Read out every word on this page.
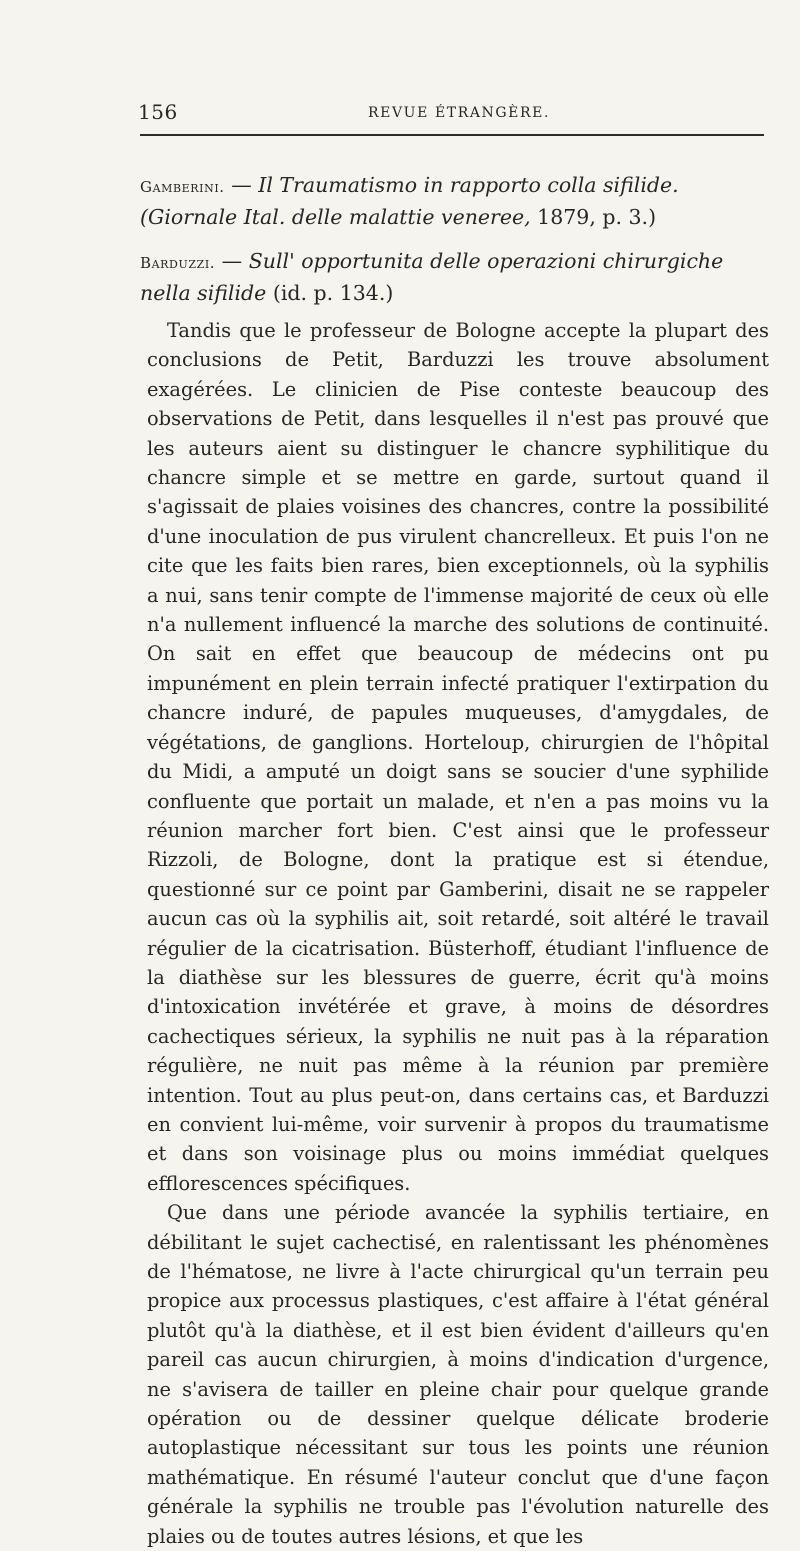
156	REVUE ÉTRANGÈRE.

Gamberini. — Il Traumatismo in rapporto colla sifilide. (Giornale Ital. delle malattie veneree, 1879, p. 3.)

Barduzzi. — Sull' opportunita delle operazioni chirurgiche nella sifilide (id. p. 134.)

Tandis que le professeur de Bologne accepte la plupart des conclusions de Petit, Barduzzi les trouve absolument exagérées. Le clinicien de Pise conteste beaucoup des observations de Petit, dans lesquelles il n'est pas prouvé que les auteurs aient su distinguer le chancre syphilitique du chancre simple et se mettre en garde, surtout quand il s'agissait de plaies voisines des chancres, contre la possibilité d'une inoculation de pus virulent chancrelleux. Et puis l'on ne cite que les faits bien rares, bien exceptionnels, où la syphilis a nui, sans tenir compte de l'immense majorité de ceux où elle n'a nullement influencé la marche des solutions de continuité. On sait en effet que beaucoup de médecins ont pu impunément en plein terrain infecté pratiquer l'extirpation du chancre induré, de papules muqueuses, d'amygdales, de végétations, de ganglions. Horteloup, chirurgien de l'hôpital du Midi, a amputé un doigt sans se soucier d'une syphilide confluente que portait un malade, et n'en a pas moins vu la réunion marcher fort bien. C'est ainsi que le professeur Rizzoli, de Bologne, dont la pratique est si étendue, questionné sur ce point par Gamberini, disait ne se rappeler aucun cas où la syphilis ait, soit retardé, soit altéré le travail régulier de la cicatrisation. Büsterhoff, étudiant l'influence de la diathèse sur les blessures de guerre, écrit qu'à moins d'intoxication invétérée et grave, à moins de désordres cachectiques sérieux, la syphilis ne nuit pas à la réparation régulière, ne nuit pas même à la réunion par première intention. Tout au plus peut-on, dans certains cas, et Barduzzi en convient lui-même, voir survenir à propos du traumatisme et dans son voisinage plus ou moins immédiat quelques efflorescences spécifiques.

Que dans une période avancée la syphilis tertiaire, en débilitant le sujet cachectisé, en ralentissant les phénomènes de l'hématose, ne livre à l'acte chirurgical qu'un terrain peu propice aux processus plastiques, c'est affaire à l'état général plutôt qu'à la diathèse, et il est bien évident d'ailleurs qu'en pareil cas aucun chirurgien, à moins d'indication d'urgence, ne s'avisera de tailler en pleine chair pour quelque grande opération ou de dessiner quelque délicate broderie autoplastique nécessitant sur tous les points une réunion mathématique. En résumé l'auteur conclut que d'une façon générale la syphilis ne trouble pas l'évolution naturelle des plaies ou de toutes autres lésions, et que les
